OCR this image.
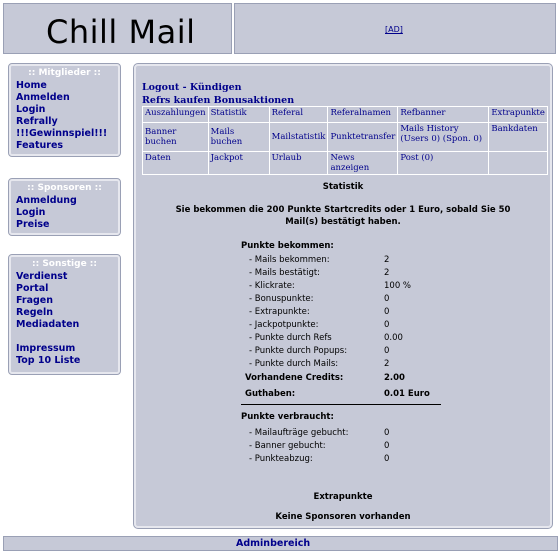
Chill Mail	[AD]
:: Mitglieder ::
Home
Anmelden
Login
Refrally
!!!Gewinnspiel!!!
Features
:: Sponsoren ::
Anmeldung
Login
Preise
:: Sonstige ::
Verdienst
Portal
Fragen
Regeln
Mediadaten
Impressum
Top 10 Liste
Logout - Kündigen
Refrs kaufen Bonusaktionen
Auszahlungen	Statistik	Referal	Referalnamen	Refbanner	Extrapunkte
Banner buchen	Mails buchen	Mailstatistik	Punktetransfer	Mails History (Users 0) (Spon. 0)	Bankdaten
Daten	Jackpot	Urlaub	News anzeigen	Post (0)	
Statistik
Sie bekommen die 200 Punkte Startcredits oder 1 Euro, sobald Sie 50 Mail(s) bestätigt haben.
Punkte bekommen:
- Mails bekommen:	2
- Mails bestätigt:	2
- Klickrate:	100 %
- Bonuspunkte:	0
- Extrapunkte:	0
- Jackpotpunkte:	0
- Punkte durch Refs	0.00
- Punkte durch Popups:	0
- Punkte durch Mails:	2
Vorhandene Credits:	2.00
Guthaben:	0.01 Euro
Punkte verbraucht:
- Mailaufträge gebucht:	0
- Banner gebucht:	0
- Punkteabzug:	0
Extrapunkte
Keine Sponsoren vorhanden
Adminbereich
